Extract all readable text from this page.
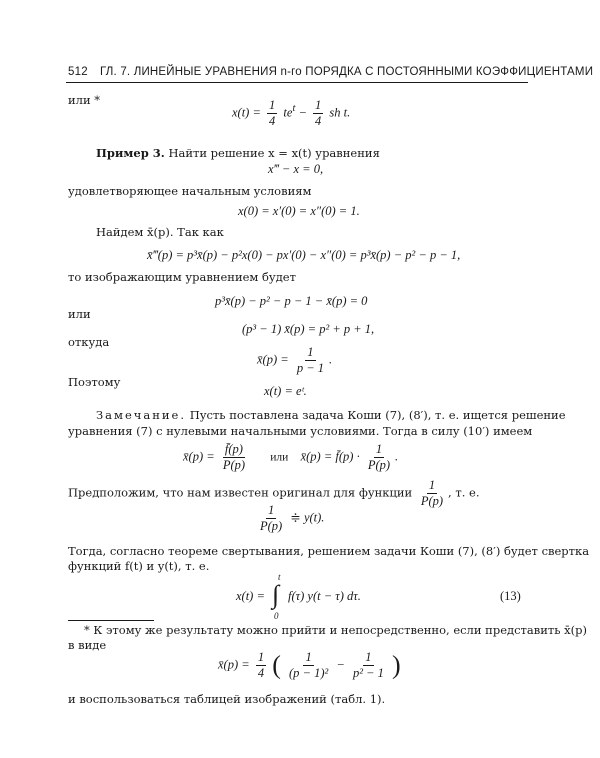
512 ГЛ. 7. ЛИНЕЙНЫЕ УРАВНЕНИЯ n-го ПОРЯДКА С ПОСТОЯННЫМИ КОЭФФИЦИЕНТАМИ
или *
$x(t) = \frac{1}{4} te^t - \frac{1}{4}$ sh t.
Пример 3. Найти решение x = x(t) уравнения
x‴ − x = 0,
удовлетворяющее начальным условиям
x(0) = x′(0) = x″(0) = 1.
Найдем x̄(p). Так как
x̄‴(p) = p³x̄(p) − p²x(0) − px′(0) − x″(0) = p³x̄(p) − p² − p − 1,
то изображающим уравнением будет
p³x̄(p) − p² − p − 1 − x̄(p) = 0
или
(p³ − 1) x̄(p) = p² + p + 1,
откуда
x̄(p) = $\frac{1}{p - 1}$ .
Поэтому
x(t) = eᵗ.
Замечание. Пусть поставлена задача Коши (7), (8′), т. е. ищется решение
уравнения (7) с нулевыми начальными условиями. Тогда в силу (10′) имеем
x̄(p) = $\frac{f̄(p)}{P(p)}$ или x̄(p) = f̄(p) · $\frac{1}{P(p)}$ .
Предположим, что нам известен оригинал для функции $\frac{1}{P(p)}$ , т. е.
$\frac{1}{P(p)}$ ≑ y(t).
Тогда, согласно теореме свертывания, решением задачи Коши (7), (8′) будет свертка
функций f(t) и y(t), т. е.
x(t) =
t
∫
0
f(τ) y(t − τ) dτ.	(13)
* К этому же результату можно прийти и непосредственно, если представить x̄(p)
в виде
x̄(p) = $\frac{1}{4}$ ( $\frac{1}{\text{(p − 1)²}} - \frac{1}{\text{p² − 1}}$ )
и воспользоваться таблицей изображений (табл. 1).
